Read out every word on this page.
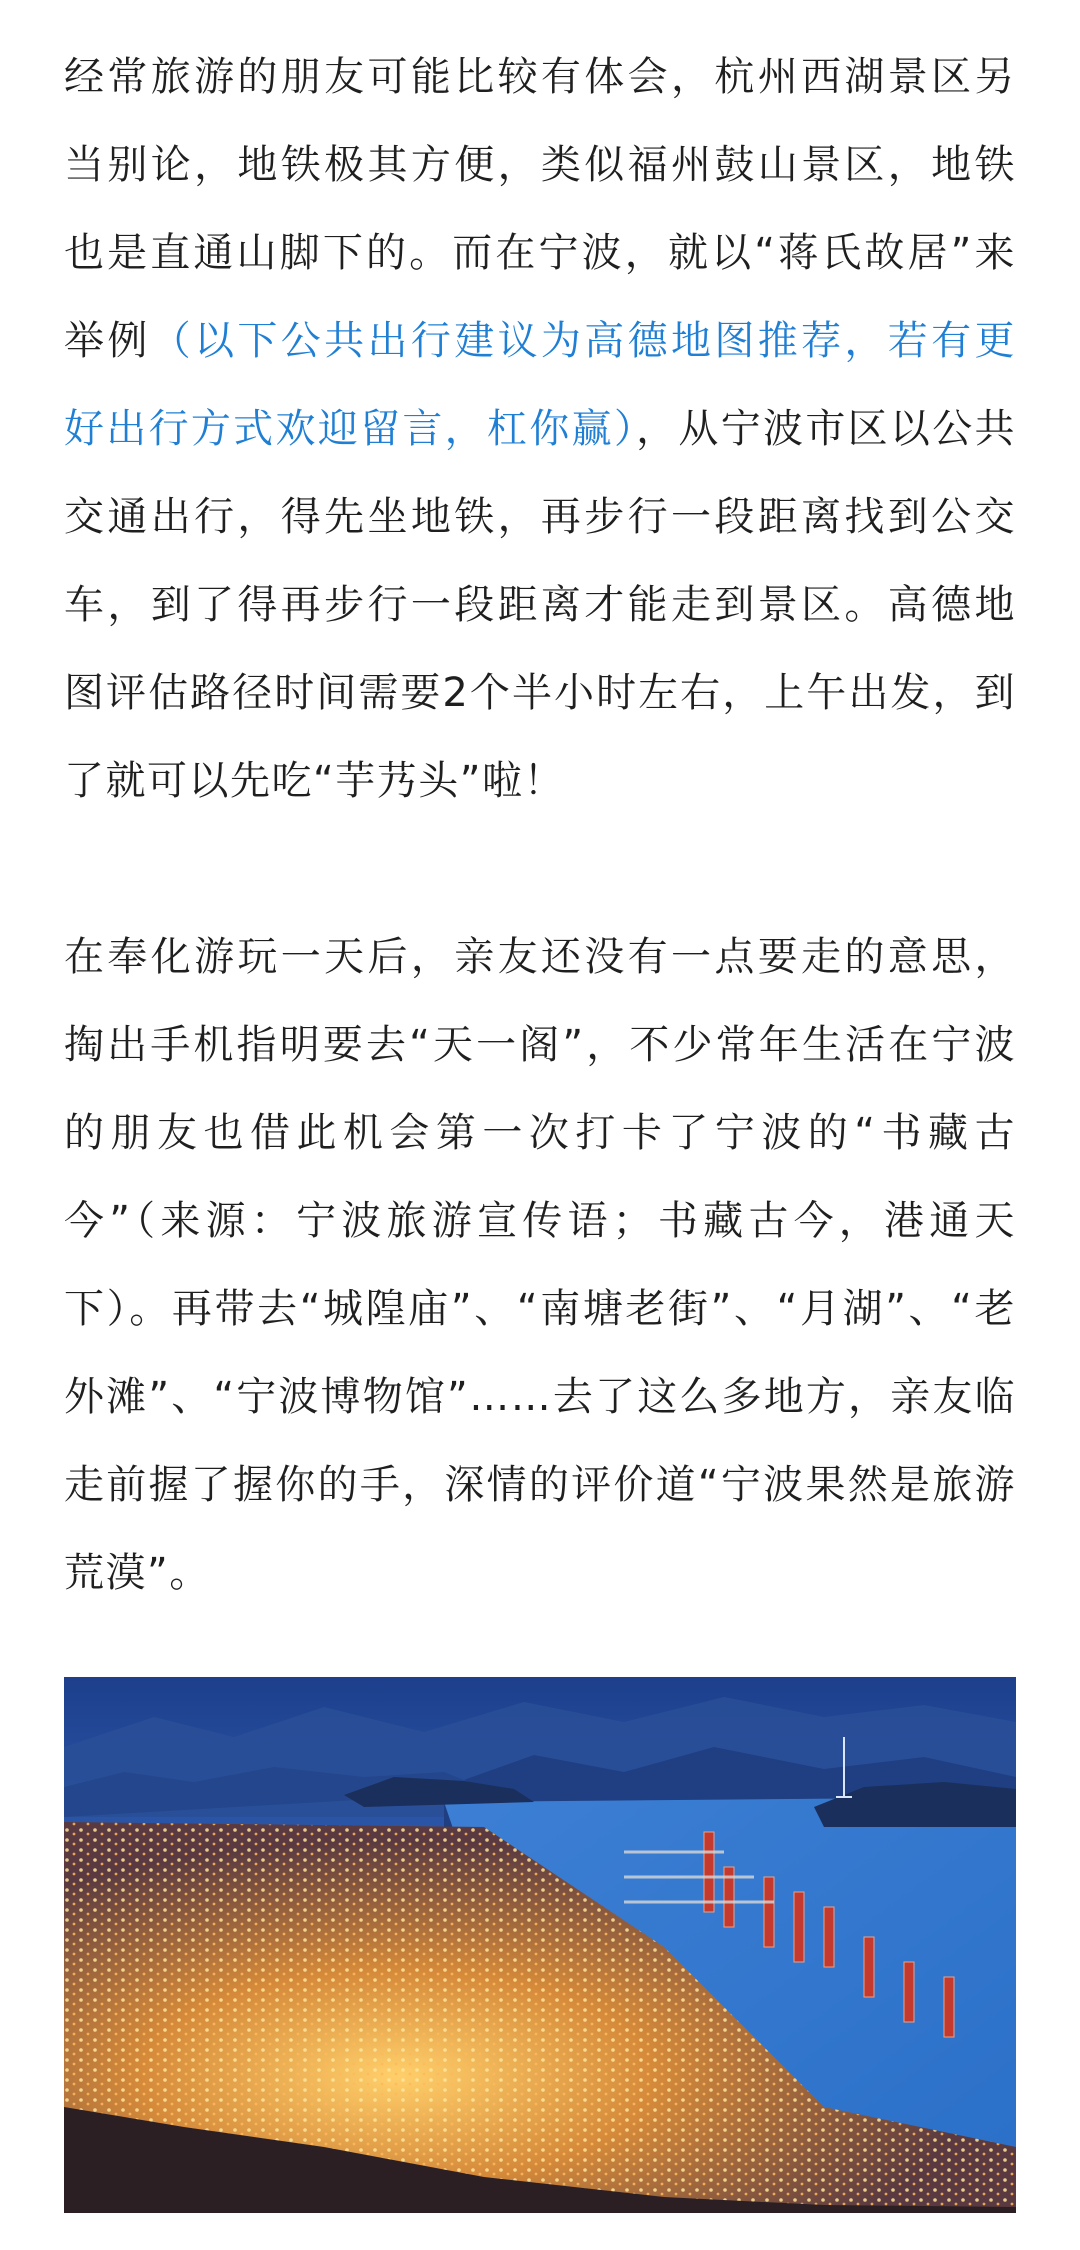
经常旅游的朋友可能比较有体会，杭州西湖景区另当别论，地铁极其方便，类似福州鼓山景区，地铁也是直通山脚下的。而在宁波，就以“蒋氏故居”来举例（以下公共出行建议为高德地图推荐，若有更好出行方式欢迎留言，杠你赢），从宁波市区以公共交通出行，得先坐地铁，再步行一段距离找到公交车，到了得再步行一段距离才能走到景区。高德地图评估路径时间需要2个半小时左右，上午出发，到了就可以先吃“芋艿头”啦！

在奉化游玩一天后，亲友还没有一点要走的意思，掏出手机指明要去“天一阁”，不少常年生活在宁波的朋友也借此机会第一次打卡了宁波的“书藏古今”（来源：宁波旅游宣传语；书藏古今，港通天下）。再带去“城隍庙”、“南塘老街”、“月湖”、“老外滩”、“宁波博物馆”……去了这么多地方，亲友临走前握了握你的手，深情的评价道“宁波果然是旅游荒漠”。
